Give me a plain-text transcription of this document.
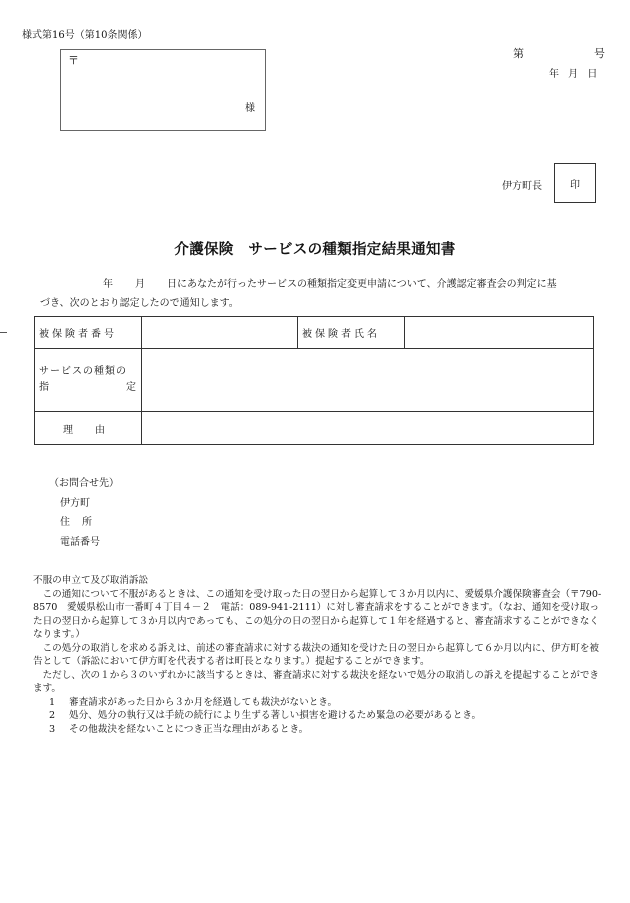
様式第16号（第10条関係）
〒
様
第	号
年 月 日
伊方町長	印
介護保険　サービスの種類指定結果通知書
年 月 日にあなたが行ったサービスの種類指定変更申請について、介護認定審査会の判定に基
づき、次のとおり認定したので通知します。
被保険者番号		被保険者氏名	

サービスの種類の
指 定			

理 由			
（お問合せ先）
伊方町
住所
電話番号

不服の申立て及び取消訴訟

この通知について不服があるときは、この通知を受け取った日の翌日から起算して３か月以内に、愛媛県介護保険審査会（〒790-8570　愛媛県松山市一番町４丁目４－２　電話：089-941-2111）に対し審査請求をすることができます。（なお、通知を受け取った日の翌日から起算して３か月以内であっても、この処分の日の翌日から起算して１年を経過すると、審査請求することができなくなります。）

この処分の取消しを求める訴えは、前述の審査請求に対する裁決の通知を受けた日の翌日から起算して６か月以内に、伊方町を被告として（訴訟において伊方町を代表する者は町長となります。）提起することができます。

ただし、次の１から３のいずれかに該当するときは、審査請求に対する裁決を経ないで処分の取消しの訴えを提起することができます。

1 審査請求があった日から３か月を経過しても裁決がないとき。

2 処分、処分の執行又は手続の続行により生ずる著しい損害を避けるため緊急の必要があるとき。

3 その他裁決を経ないことにつき正当な理由があるとき。
